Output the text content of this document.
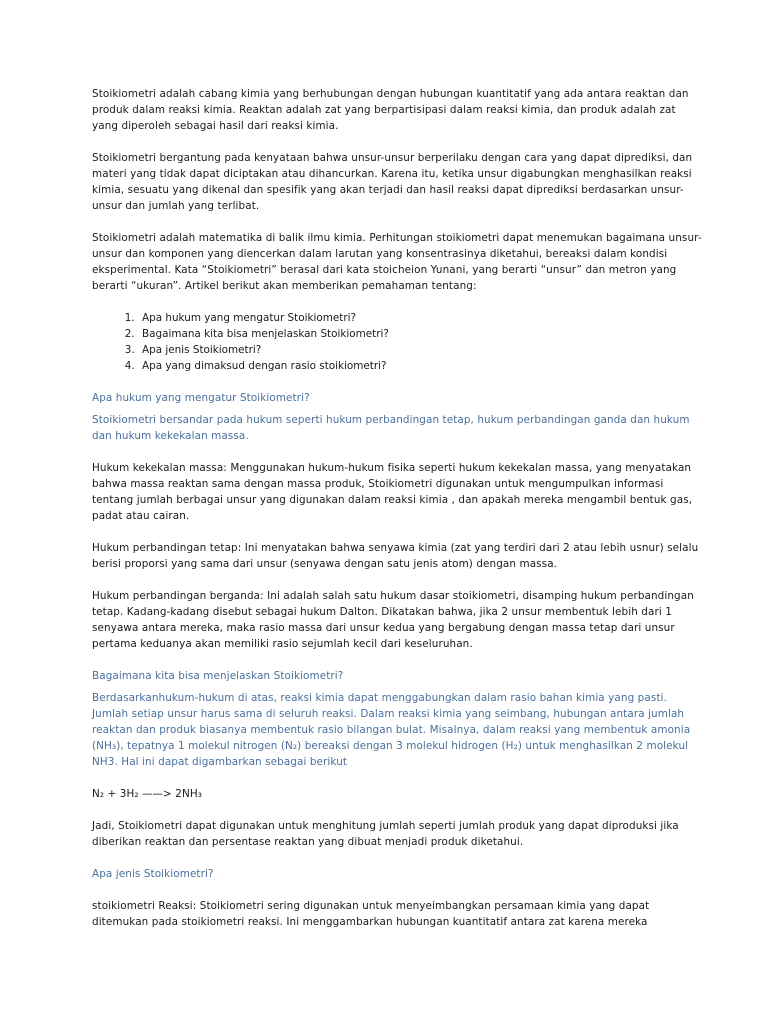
Stoikiometri adalah cabang kimia yang berhubungan dengan hubungan kuantitatif yang ada antara reaktan dan produk dalam reaksi kimia. Reaktan adalah zat yang berpartisipasi dalam reaksi kimia, dan produk adalah zat yang diperoleh sebagai hasil dari reaksi kimia.

Stoikiometri bergantung pada kenyataan bahwa unsur-unsur berperilaku dengan cara yang dapat diprediksi, dan materi yang tidak dapat diciptakan atau dihancurkan. Karena itu, ketika unsur digabungkan menghasilkan reaksi kimia, sesuatu yang dikenal dan spesifik yang akan terjadi dan hasil reaksi dapat diprediksi berdasarkan unsur-unsur dan jumlah yang terlibat.

Stoikiometri adalah matematika di balik ilmu kimia. Perhitungan stoikiometri dapat menemukan bagaimana unsur-unsur dan komponen yang diencerkan dalam larutan yang konsentrasinya diketahui, bereaksi dalam kondisi eksperimental. Kata “Stoikiometri” berasal dari kata stoicheion Yunani, yang berarti “unsur” dan metron yang berarti “ukuran”. Artikel berikut akan memberikan pemahaman tentang:

1. Apa hukum yang mengatur Stoikiometri?
2. Bagaimana kita bisa menjelaskan Stoikiometri?
3. Apa jenis Stoikiometri?
4. Apa yang dimaksud dengan rasio stoikiometri?

Apa hukum yang mengatur Stoikiometri?

Stoikiometri bersandar pada hukum seperti hukum perbandingan tetap, hukum perbandingan ganda dan hukum dan hukum kekekalan massa.

Hukum kekekalan massa: Menggunakan hukum-hukum fisika seperti hukum kekekalan massa, yang menyatakan bahwa massa reaktan sama dengan massa produk, Stoikiometri digunakan untuk mengumpulkan informasi tentang jumlah berbagai unsur yang digunakan dalam reaksi kimia , dan apakah mereka mengambil bentuk gas, padat atau cairan.

Hukum perbandingan tetap: Ini menyatakan bahwa senyawa kimia (zat yang terdiri dari 2 atau lebih usnur) selalu berisi proporsi yang sama dari unsur (senyawa dengan satu jenis atom) dengan massa.

Hukum perbandingan berganda: Ini adalah salah satu hukum dasar stoikiometri, disamping hukum perbandingan tetap. Kadang-kadang disebut sebagai hukum Dalton. Dikatakan bahwa, jika 2 unsur membentuk lebih dari 1 senyawa antara mereka, maka rasio massa dari unsur kedua yang bergabung dengan massa tetap dari unsur pertama keduanya akan memiliki rasio sejumlah kecil dari keseluruhan.

Bagaimana kita bisa menjelaskan Stoikiometri?

Berdasarkanhukum-hukum di atas, reaksi kimia dapat menggabungkan dalam rasio bahan kimia yang pasti. Jumlah setiap unsur harus sama di seluruh reaksi. Dalam reaksi kimia yang seimbang, hubungan antara jumlah reaktan dan produk biasanya membentuk rasio bilangan bulat. Misalnya, dalam reaksi yang membentuk amonia (NH₃), tepatnya 1 molekul nitrogen (N₂) bereaksi dengan 3 molekul hidrogen (H₂) untuk menghasilkan 2 molekul NH3. Hal ini dapat digambarkan sebagai berikut

N₂ + 3H₂ ——> 2NH₃

Jadi, Stoikiometri dapat digunakan untuk menghitung jumlah seperti jumlah produk yang dapat diproduksi jika diberikan reaktan dan persentase reaktan yang dibuat menjadi produk diketahui.

Apa jenis Stoikiometri?

stoikiometri Reaksi: Stoikiometri sering digunakan untuk menyeimbangkan persamaan kimia yang dapat ditemukan pada stoikiometri reaksi. Ini menggambarkan hubungan kuantitatif antara zat karena mereka
